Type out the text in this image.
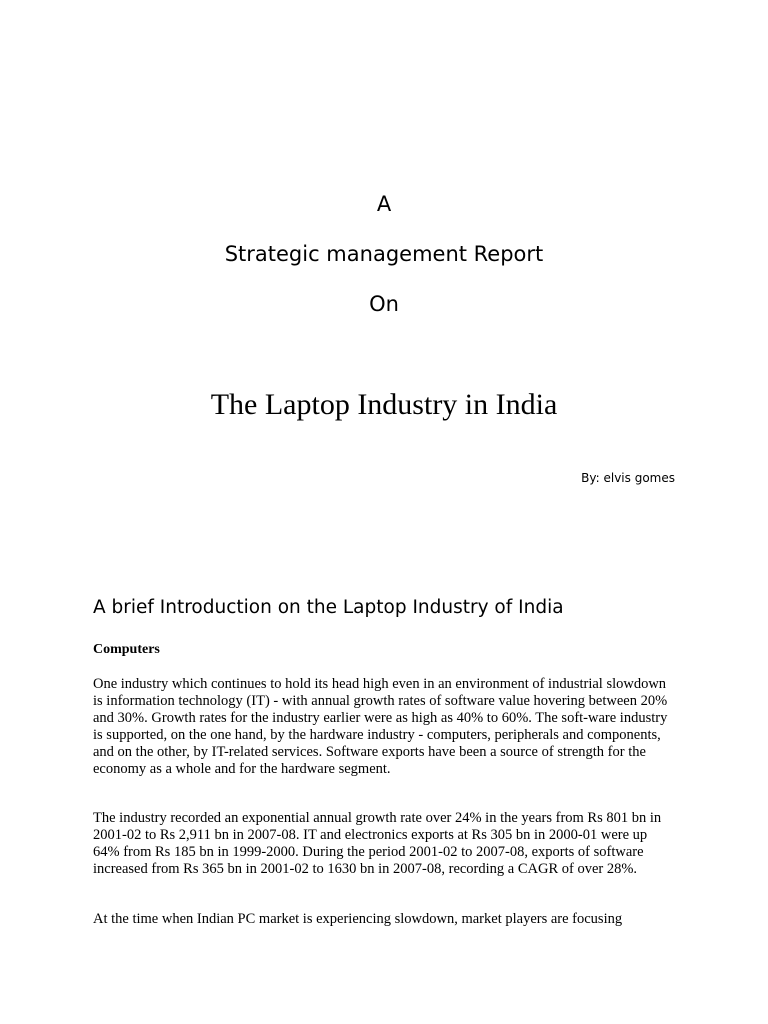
A
Strategic management Report
On
The Laptop Industry in India
By: elvis gomes
A brief Introduction on the Laptop Industry of India
Computers

One industry which continues to hold its head high even in an environment of industrial slowdown is information technology (IT) - with annual growth rates of software value hovering between 20% and 30%. Growth rates for the industry earlier were as high as 40% to 60%. The soft-ware industry is supported, on the one hand, by the hardware industry - computers, peripherals and components, and on the other, by IT-related services. Software exports have been a source of strength for the economy as a whole and for the hardware segment.

The industry recorded an exponential annual growth rate over 24% in the years from Rs 801 bn in 2001-02 to Rs 2,911 bn in 2007-08. IT and electronics exports at Rs 305 bn in 2000-01 were up 64% from Rs 185 bn in 1999-2000. During the period 2001-02 to 2007-08, exports of software increased from Rs 365 bn in 2001-02 to 1630 bn in 2007-08, recording a CAGR of over 28%.

At the time when Indian PC market is experiencing slowdown, market players are focusing
